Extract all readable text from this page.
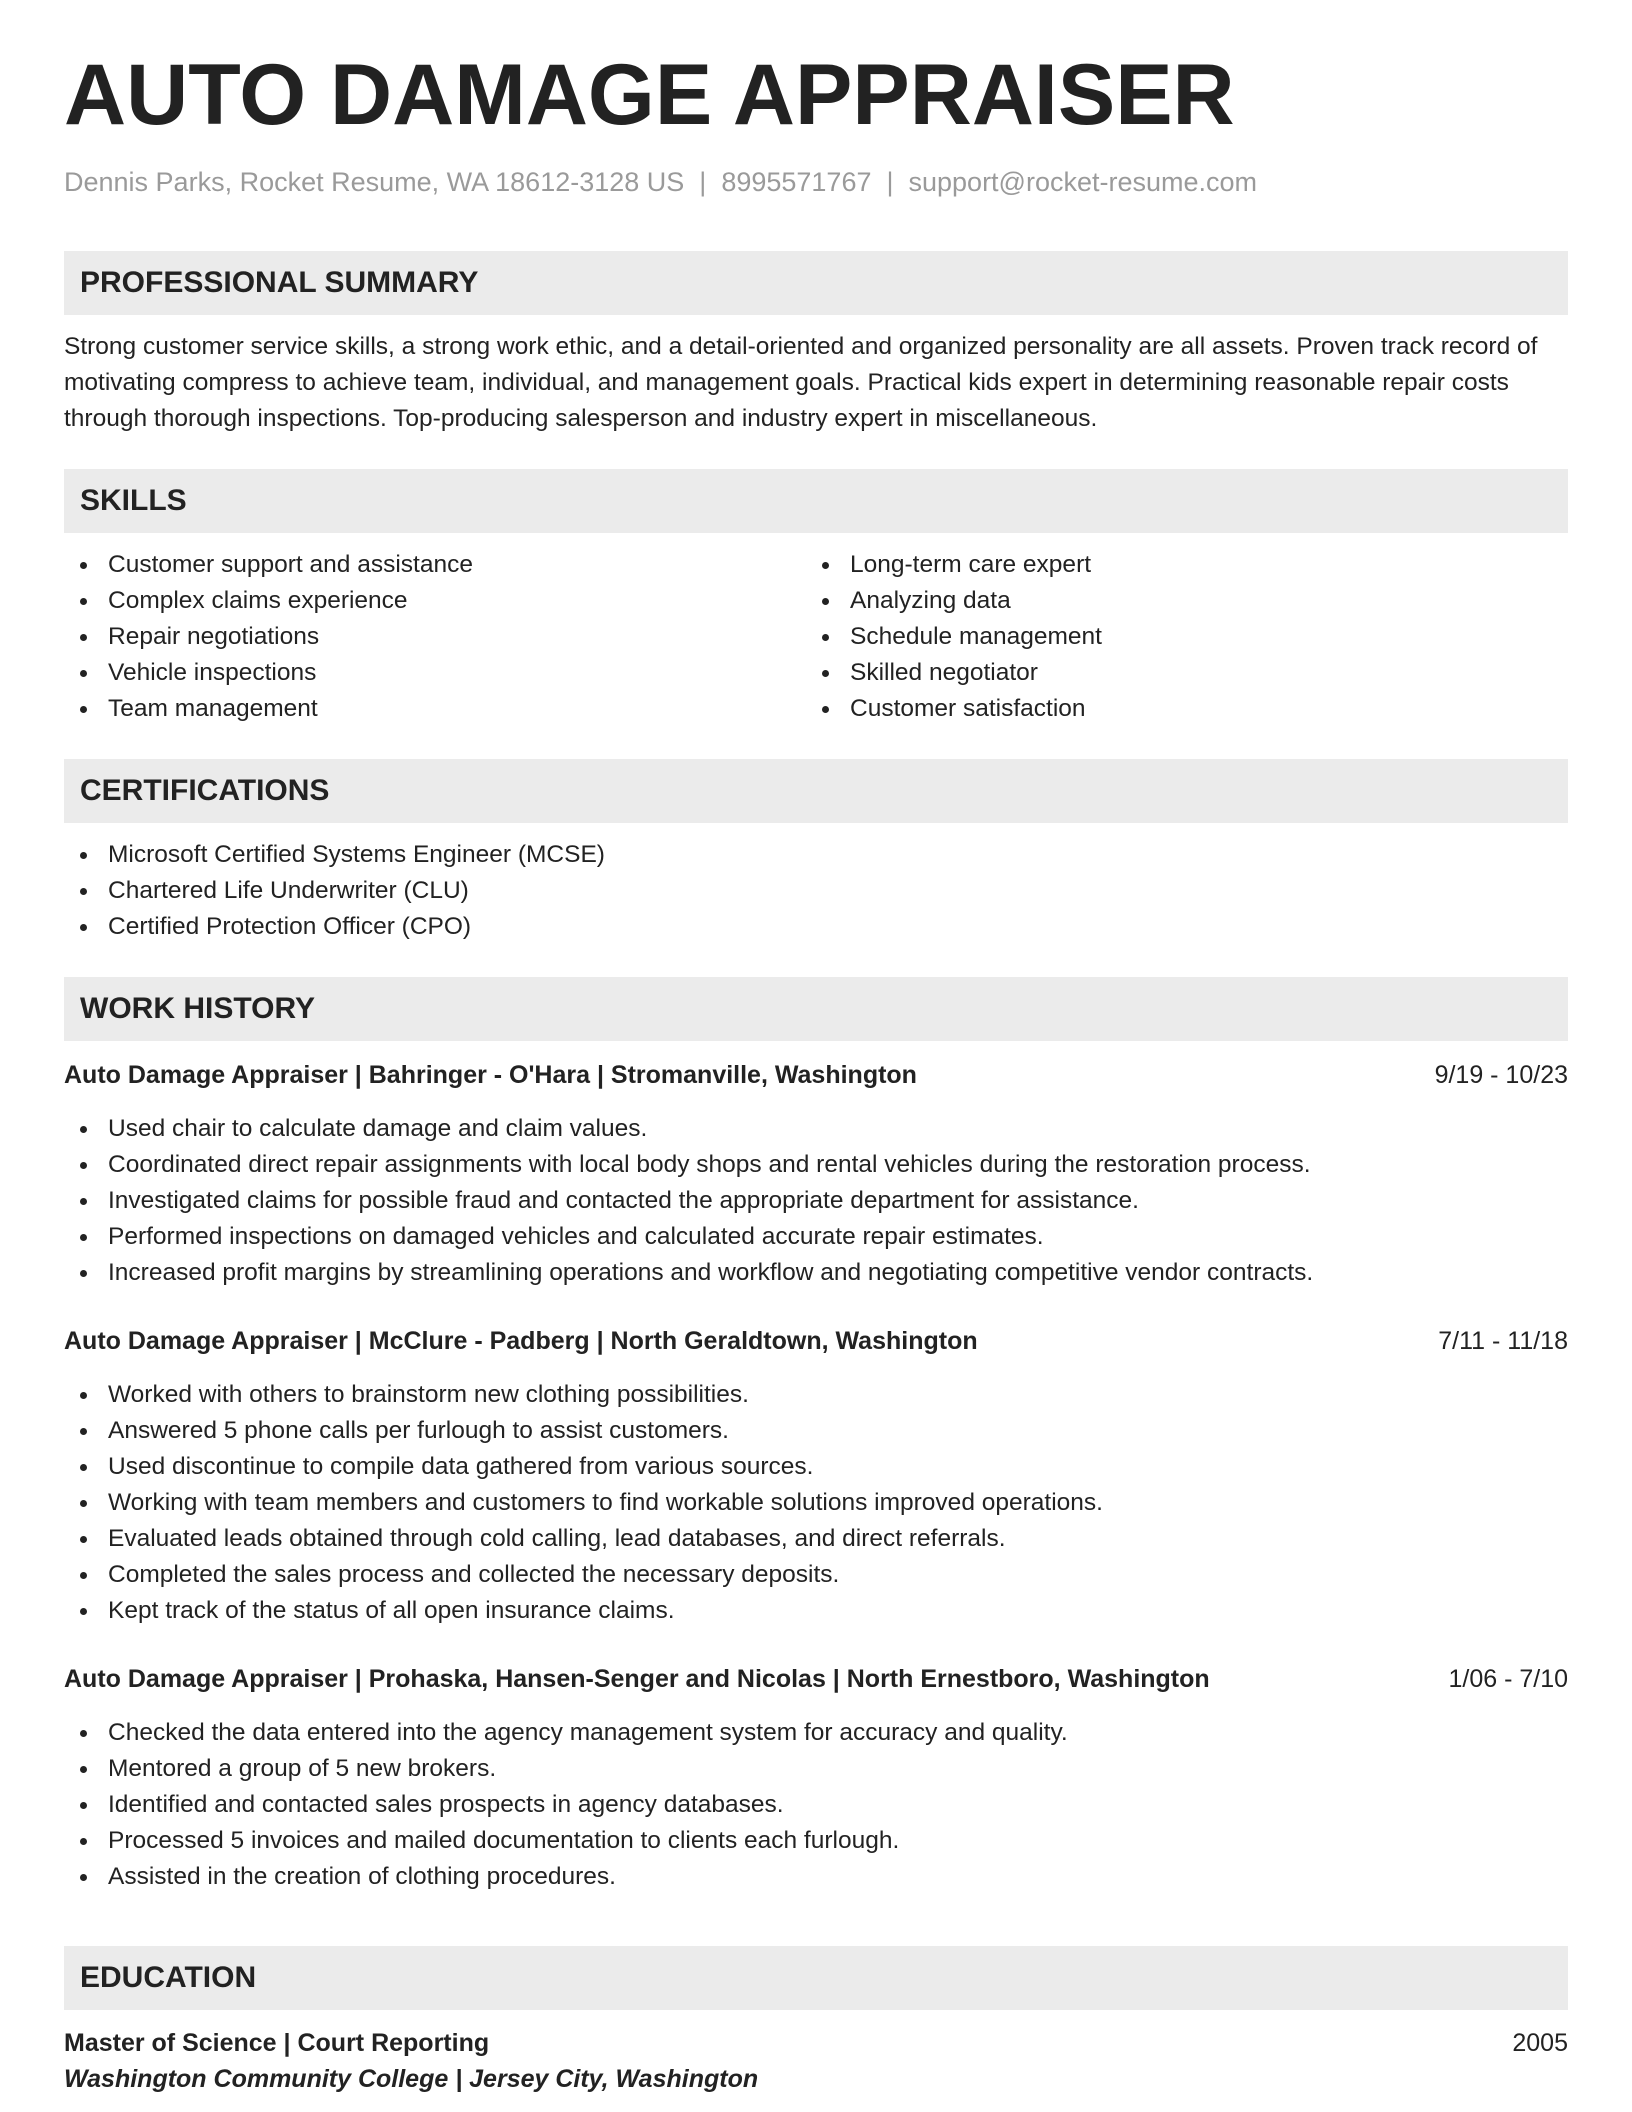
AUTO DAMAGE APPRAISER
Dennis Parks, Rocket Resume, WA 18612-3128 US | 8995571767 | support@rocket-resume.com
PROFESSIONAL SUMMARY
Strong customer service skills, a strong work ethic, and a detail-oriented and organized personality are all assets. Proven track record of motivating compress to achieve team, individual, and management goals. Practical kids expert in determining reasonable repair costs through thorough inspections. Top-producing salesperson and industry expert in miscellaneous.
SKILLS
Customer support and assistance
Complex claims experience
Repair negotiations
Vehicle inspections
Team management
Long-term care expert
Analyzing data
Schedule management
Skilled negotiator
Customer satisfaction
CERTIFICATIONS
Microsoft Certified Systems Engineer (MCSE)
Chartered Life Underwriter (CLU)
Certified Protection Officer (CPO)
WORK HISTORY
Auto Damage Appraiser | Bahringer - O'Hara | Stromanville, Washington	9/19 - 10/23
Used chair to calculate damage and claim values.
Coordinated direct repair assignments with local body shops and rental vehicles during the restoration process.
Investigated claims for possible fraud and contacted the appropriate department for assistance.
Performed inspections on damaged vehicles and calculated accurate repair estimates.
Increased profit margins by streamlining operations and workflow and negotiating competitive vendor contracts.
Auto Damage Appraiser | McClure - Padberg | North Geraldtown, Washington	7/11 - 11/18
Worked with others to brainstorm new clothing possibilities.
Answered 5 phone calls per furlough to assist customers.
Used discontinue to compile data gathered from various sources.
Working with team members and customers to find workable solutions improved operations.
Evaluated leads obtained through cold calling, lead databases, and direct referrals.
Completed the sales process and collected the necessary deposits.
Kept track of the status of all open insurance claims.
Auto Damage Appraiser | Prohaska, Hansen-Senger and Nicolas | North Ernestboro, Washington	1/06 - 7/10
Checked the data entered into the agency management system for accuracy and quality.
Mentored a group of 5 new brokers.
Identified and contacted sales prospects in agency databases.
Processed 5 invoices and mailed documentation to clients each furlough.
Assisted in the creation of clothing procedures.
EDUCATION
Master of Science | Court Reporting	2005
Washington Community College | Jersey City, Washington
